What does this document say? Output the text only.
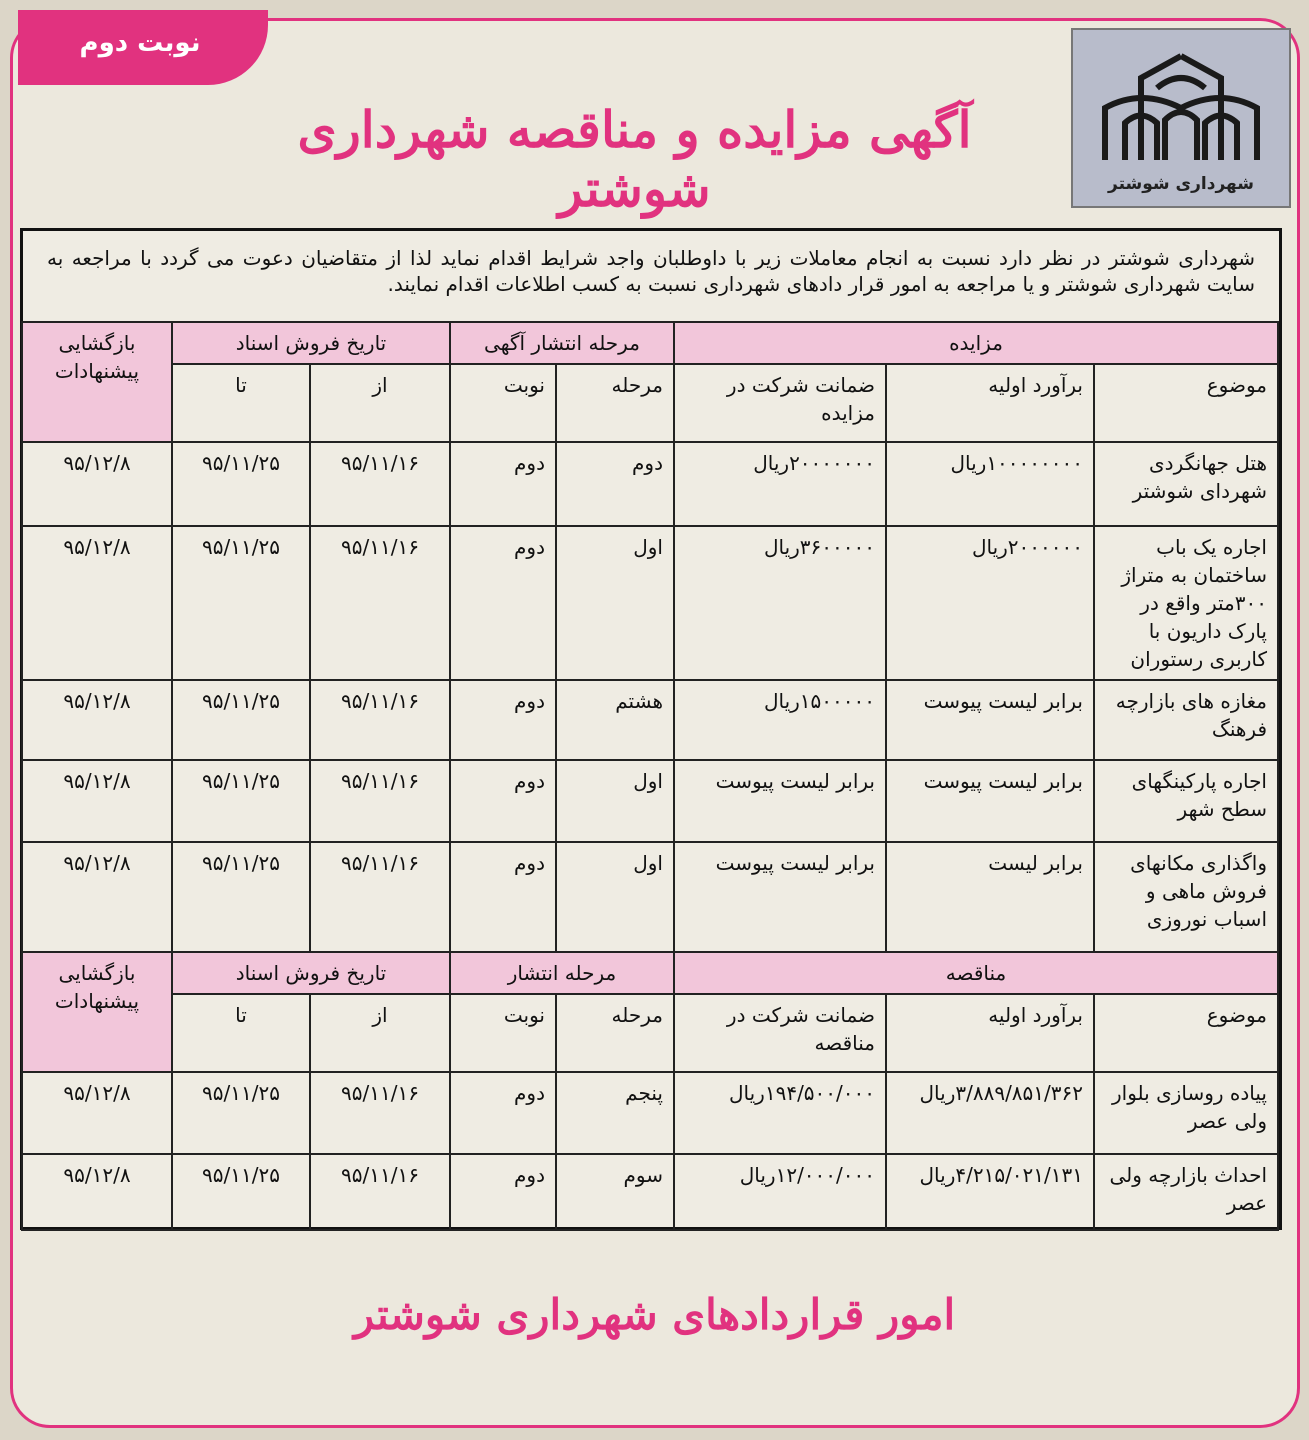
نوبت دوم
شهرداری شوشتر
آگهی مزایده و مناقصه شهرداری شوشتر
شهرداری شوشتر در نظر دارد نسبت به انجام معاملات زیر با داوطلبان واجد شرایط اقدام نماید لذا از متقاضیان دعوت می گردد با مراجعه به سایت شهرداری شوشتر و یا مراجعه به امور قرار دادهای شهرداری نسبت به کسب اطلاعات اقدام نمایند.
مزایده			مرحله انتشار آگهی		تاریخ فروش اسناد		بازگشایی پیشنهادات
موضوع	برآورد اولیه	ضمانت شرکت در مزایده	مرحله	نوبت	از	تا	
هتل جهانگردی شهردای شوشتر	۱۰۰۰۰۰۰۰۰ریال	۲۰۰۰۰۰۰۰ریال	دوم	دوم	۹۵/۱۱/۱۶	۹۵/۱۱/۲۵	۹۵/۱۲/۸
اجاره یک باب ساختمان به متراژ ۳۰۰متر واقع در پارک داریون با کاربری رستوران	۲۰۰۰۰۰۰ریال	۳۶۰۰۰۰۰ریال	اول	دوم	۹۵/۱۱/۱۶	۹۵/۱۱/۲۵	۹۵/۱۲/۸
مغازه های بازارچه فرهنگ	برابر لیست پیوست	۱۵۰۰۰۰۰ریال	هشتم	دوم	۹۵/۱۱/۱۶	۹۵/۱۱/۲۵	۹۵/۱۲/۸
اجاره پارکینگهای سطح شهر	برابر لیست پیوست	برابر لیست پیوست	اول	دوم	۹۵/۱۱/۱۶	۹۵/۱۱/۲۵	۹۵/۱۲/۸
واگذاری مکانهای فروش ماهی و اسباب نوروزی	برابر لیست	برابر لیست پیوست	اول	دوم	۹۵/۱۱/۱۶	۹۵/۱۱/۲۵	۹۵/۱۲/۸
مناقصه			مرحله انتشار		تاریخ فروش اسناد		بازگشایی پیشنهادات
موضوع	برآورد اولیه	ضمانت شرکت در مناقصه	مرحله	نوبت	از	تا	
پیاده روسازی بلوار ولی عصر	۳/۸۸۹/۸۵۱/۳۶۲ریال	۱۹۴/۵۰۰/۰۰۰ریال	پنجم	دوم	۹۵/۱۱/۱۶	۹۵/۱۱/۲۵	۹۵/۱۲/۸
احداث بازارچه ولی عصر	۴/۲۱۵/۰۲۱/۱۳۱ریال	۱۲/۰۰۰/۰۰۰ریال	سوم	دوم	۹۵/۱۱/۱۶	۹۵/۱۱/۲۵	۹۵/۱۲/۸
امور قراردادهای شهرداری شوشتر
